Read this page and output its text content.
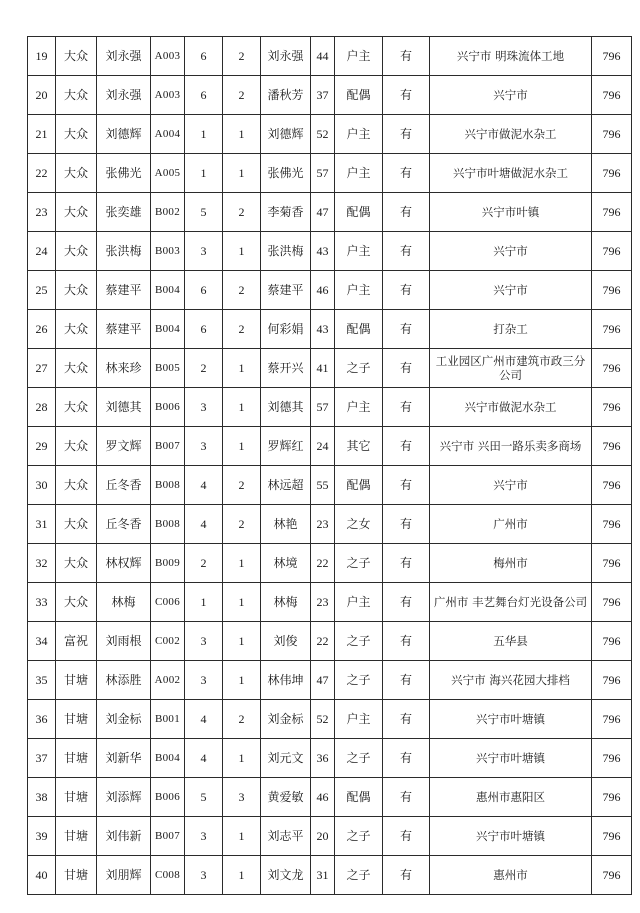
19	大众	刘永强	A003	6	2	刘永强	44	户主	有	兴宁市 明珠流体工地	796
20	大众	刘永强	A003	6	2	潘秋芳	37	配偶	有	兴宁市	796
21	大众	刘德辉	A004	1	1	刘德辉	52	户主	有	兴宁市做泥水杂工	796
22	大众	张佛光	A005	1	1	张佛光	57	户主	有	兴宁市叶塘做泥水杂工	796
23	大众	张奕雄	B002	5	2	李菊香	47	配偶	有	兴宁市叶镇	796
24	大众	张洪梅	B003	3	1	张洪梅	43	户主	有	兴宁市	796
25	大众	蔡建平	B004	6	2	蔡建平	46	户主	有	兴宁市	796
26	大众	蔡建平	B004	6	2	何彩娟	43	配偶	有	打杂工	796
27	大众	林来珍	B005	2	1	蔡开兴	41	之子	有	工业园区广州市建筑市政三分公司	796
28	大众	刘德其	B006	3	1	刘德其	57	户主	有	兴宁市做泥水杂工	796
29	大众	罗文辉	B007	3	1	罗辉红	24	其它	有	兴宁市 兴田一路乐卖多商场	796
30	大众	丘冬香	B008	4	2	林远超	55	配偶	有	兴宁市	796
31	大众	丘冬香	B008	4	2	林艳	23	之女	有	广州市	796
32	大众	林权辉	B009	2	1	林境	22	之子	有	梅州市	796
33	大众	林梅	C006	1	1	林梅	23	户主	有	广州市 丰艺舞台灯光设备公司	796
34	富祝	刘雨根	C002	3	1	刘俊	22	之子	有	五华县	796
35	甘塘	林添胜	A002	3	1	林伟坤	47	之子	有	兴宁市 海兴花园大排档	796
36	甘塘	刘金标	B001	4	2	刘金标	52	户主	有	兴宁市叶塘镇	796
37	甘塘	刘新华	B004	4	1	刘元文	36	之子	有	兴宁市叶塘镇	796
38	甘塘	刘添辉	B006	5	3	黄爱敏	46	配偶	有	惠州市惠阳区	796
39	甘塘	刘伟新	B007	3	1	刘志平	20	之子	有	兴宁市叶塘镇	796
40	甘塘	刘朋辉	C008	3	1	刘文龙	31	之子	有	惠州市	796
